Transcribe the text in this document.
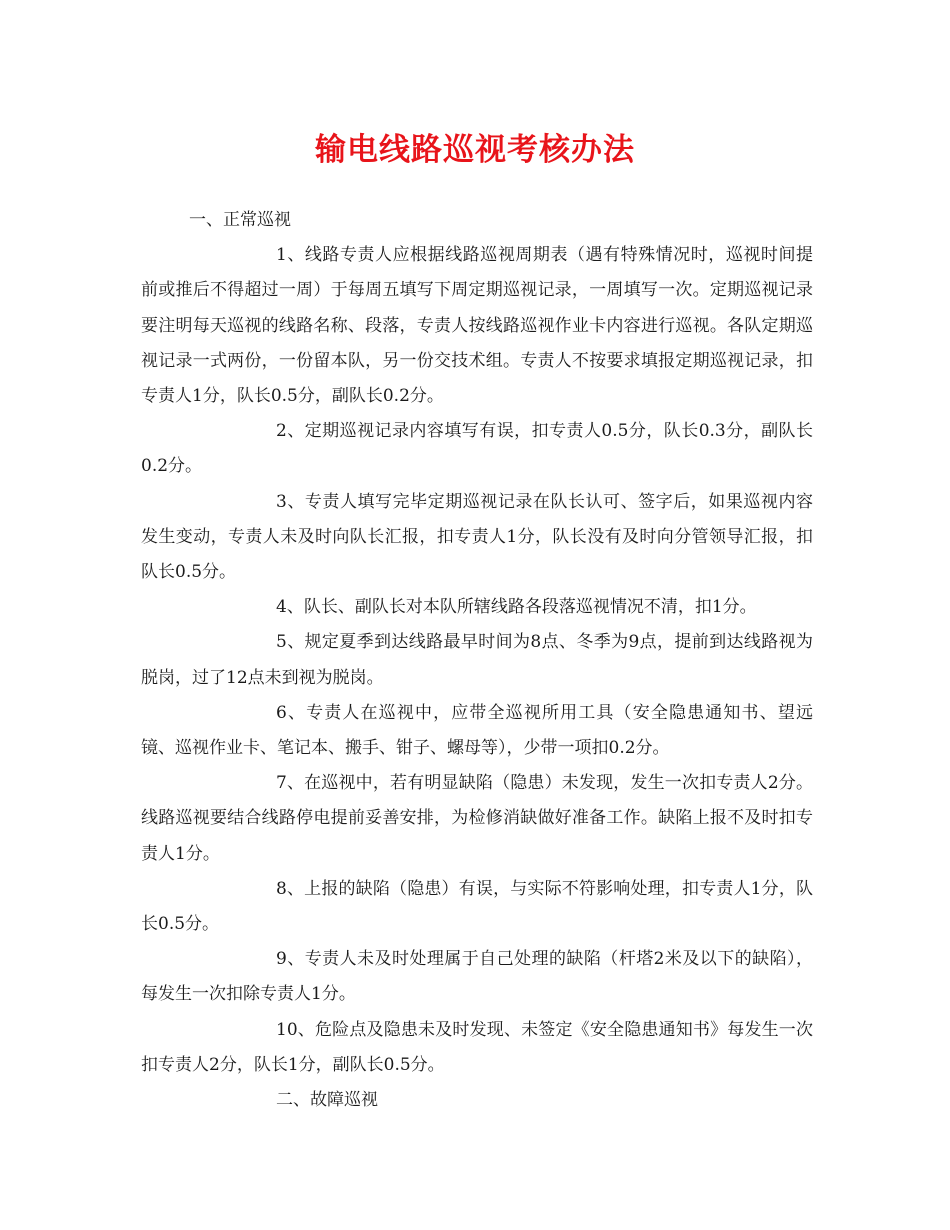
输电线路巡视考核办法

一、正常巡视

1、线路专责人应根据线路巡视周期表（遇有特殊情况时，巡视时间提前或推后不得超过一周）于每周五填写下周定期巡视记录，一周填写一次。定期巡视记录要注明每天巡视的线路名称、段落，专责人按线路巡视作业卡内容进行巡视。各队定期巡视记录一式两份，一份留本队，另一份交技术组。专责人不按要求填报定期巡视记录，扣专责人1分，队长0.5分，副队长0.2分。

2、定期巡视记录内容填写有误，扣专责人0.5分，队长0.3分，副队长0.2分。

3、专责人填写完毕定期巡视记录在队长认可、签字后，如果巡视内容发生变动，专责人未及时向队长汇报，扣专责人1分，队长没有及时向分管领导汇报，扣队长0.5分。

4、队长、副队长对本队所辖线路各段落巡视情况不清，扣1分。

5、规定夏季到达线路最早时间为8点、冬季为9点，提前到达线路视为脱岗，过了12点未到视为脱岗。

6、专责人在巡视中，应带全巡视所用工具（安全隐患通知书、望远镜、巡视作业卡、笔记本、搬手、钳子、螺母等），少带一项扣0.2分。

7、在巡视中，若有明显缺陷（隐患）未发现，发生一次扣专责人2分。线路巡视要结合线路停电提前妥善安排，为检修消缺做好准备工作。缺陷上报不及时扣专责人1分。

8、上报的缺陷（隐患）有误，与实际不符影响处理，扣专责人1分，队长0.5分。

9、专责人未及时处理属于自己处理的缺陷（杆塔2米及以下的缺陷），每发生一次扣除专责人1分。

10、危险点及隐患未及时发现、未签定《安全隐患通知书》每发生一次扣专责人2分，队长1分，副队长0.5分。

二、故障巡视
